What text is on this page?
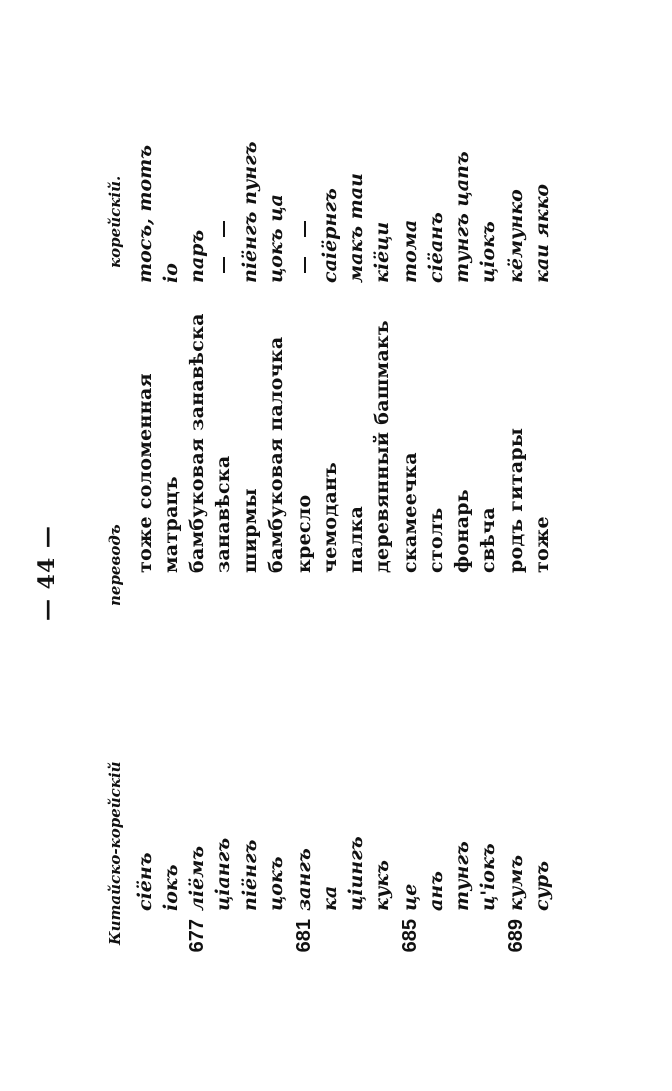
— 44 —
Китайско-корейскій
переводъ
корейскій.
сіёнъ
тоже соломенная
тосъ, тотъ
іокъ
матрацъ
іо
677
ліёмъ
бамбуковая занавѣска
паръ
цiангъ
занавѣска
піёнгъ
ширмы
піёнгъ пунгъ
цокъ
бамбуковая палочка
цокъ ца
681
зангъ
кресло
ка
чемоданъ
саiёрнгъ
цiингъ
палка
макъ таи
кукъ
деревянный башмакъ
кiёци
685
це
скамеечка
тома
анъ
столъ
сiёанъ
тунгъ
фонарь
тунгъ цапъ
ц'iокъ
свѣча
цiокъ
689
кумъ
родъ гитары
кёмунко
суръ
тоже
каи якко
